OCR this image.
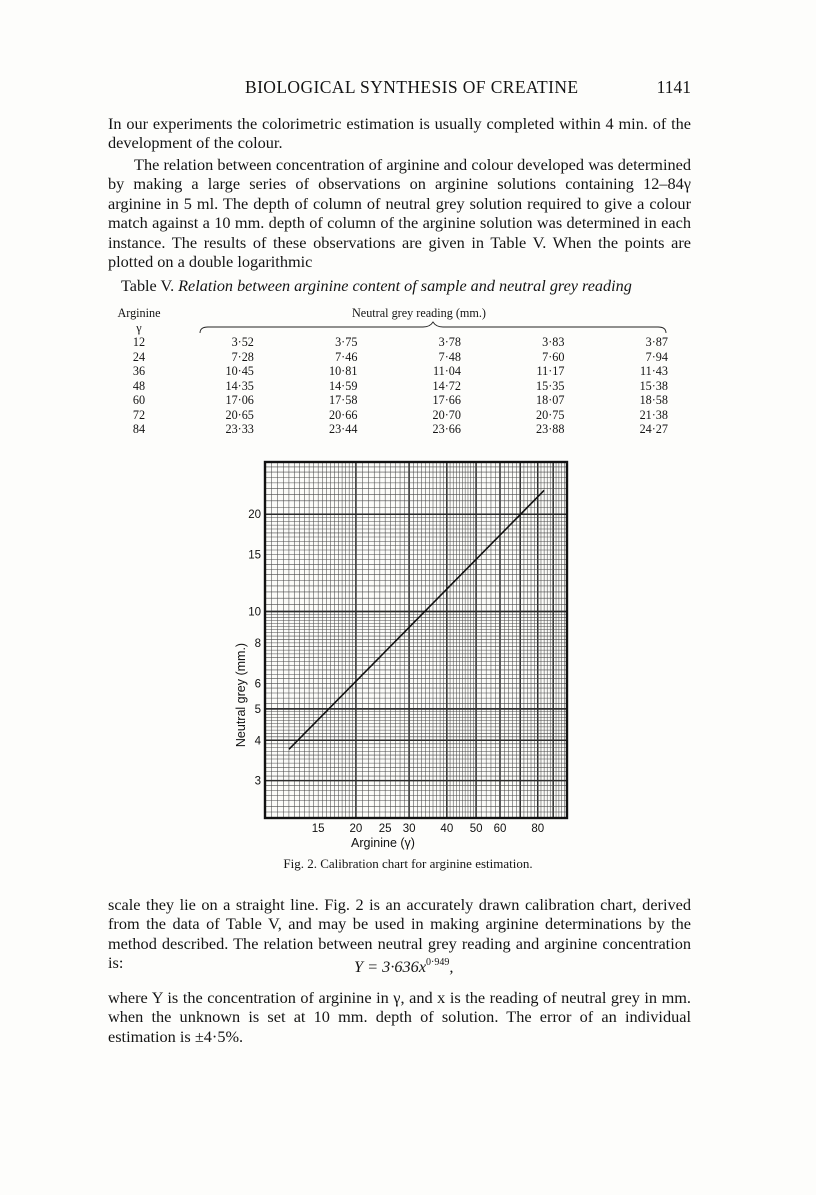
BIOLOGICAL SYNTHESIS OF CREATINE	1141
In our experiments the colorimetric estimation is usually completed within 4 min. of the development of the colour.
The relation between concentration of arginine and colour developed was determined by making a large series of observations on arginine solutions containing 12–84γ arginine in 5 ml. The depth of column of neutral grey solution required to give a colour match against a 10 mm. depth of column of the arginine solution was determined in each instance. The results of these observations are given in Table V. When the points are plotted on a double logarithmic
Table V. Relation between arginine content of sample and neutral grey reading
Arginine	Neutral grey reading (mm.)				
γ	

12	3·52	3·75	3·78	3·83	3·87
24	7·28	7·46	7·48	7·60	7·94
36	10·45	10·81	11·04	11·17	11·43
48	14·35	14·59	14·72	15·35	15·38
60	17·06	17·58	17·66	18·07	18·58
72	20·65	20·66	20·70	20·75	21·38
84	23·33	23·44	23·66	23·88	24·27
15 20 25 30 40 50 60 80
3
4
5
6
8
10
15
20
Arginine (γ)
Neutral grey (mm.)
Fig. 2. Calibration chart for arginine estimation.
scale they lie on a straight line. Fig. 2 is an accurately drawn calibration chart, derived from the data of Table V, and may be used in making arginine determinations by the method described. The relation between neutral grey reading and arginine concentration is:	$Y = 3\cdot 636x^{0\cdot 949}$,
where Y is the concentration of arginine in γ, and x is the reading of neutral grey in mm. when the unknown is set at 10 mm. depth of solution. The error of an individual estimation is ±4·5%.
